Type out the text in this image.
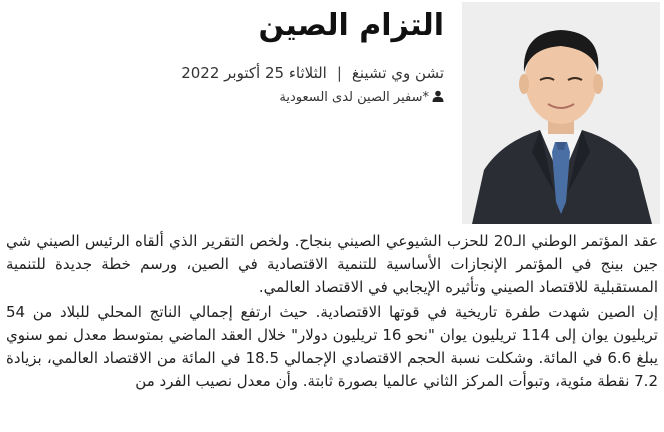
التزام الصين
تشن وي تشينغ|الثلاثاء 25 أكتوبر 2022
*سفير الصين لدى السعودية

عقد المؤتمر الوطني الـ20 للحزب الشيوعي الصيني بنجاح. ولخص التقرير الذي ألقاه الرئيس الصيني شي جين بينج في المؤتمر الإنجازات الأساسية للتنمية الاقتصادية في الصين، ورسم خطة جديدة للتنمية المستقبلية للاقتصاد الصيني وتأثيره الإيجابي في الاقتصاد العالمي.

إن الصين شهدت طفرة تاريخية في قوتها الاقتصادية. حيث ارتفع إجمالي الناتج المحلي للبلاد من 54 تريليون يوان إلى 114 تريليون يوان "نحو 16 تريليون دولار" خلال العقد الماضي بمتوسط معدل نمو سنوي يبلغ 6.6 في المائة. وشكلت نسبة الحجم الاقتصادي الإجمالي 18.5 في المائة من الاقتصاد العالمي، بزيادة 7.2 نقطة مئوية، وتبوأت المركز الثاني عالميا بصورة ثابتة. وأن معدل نصيب الفرد من
